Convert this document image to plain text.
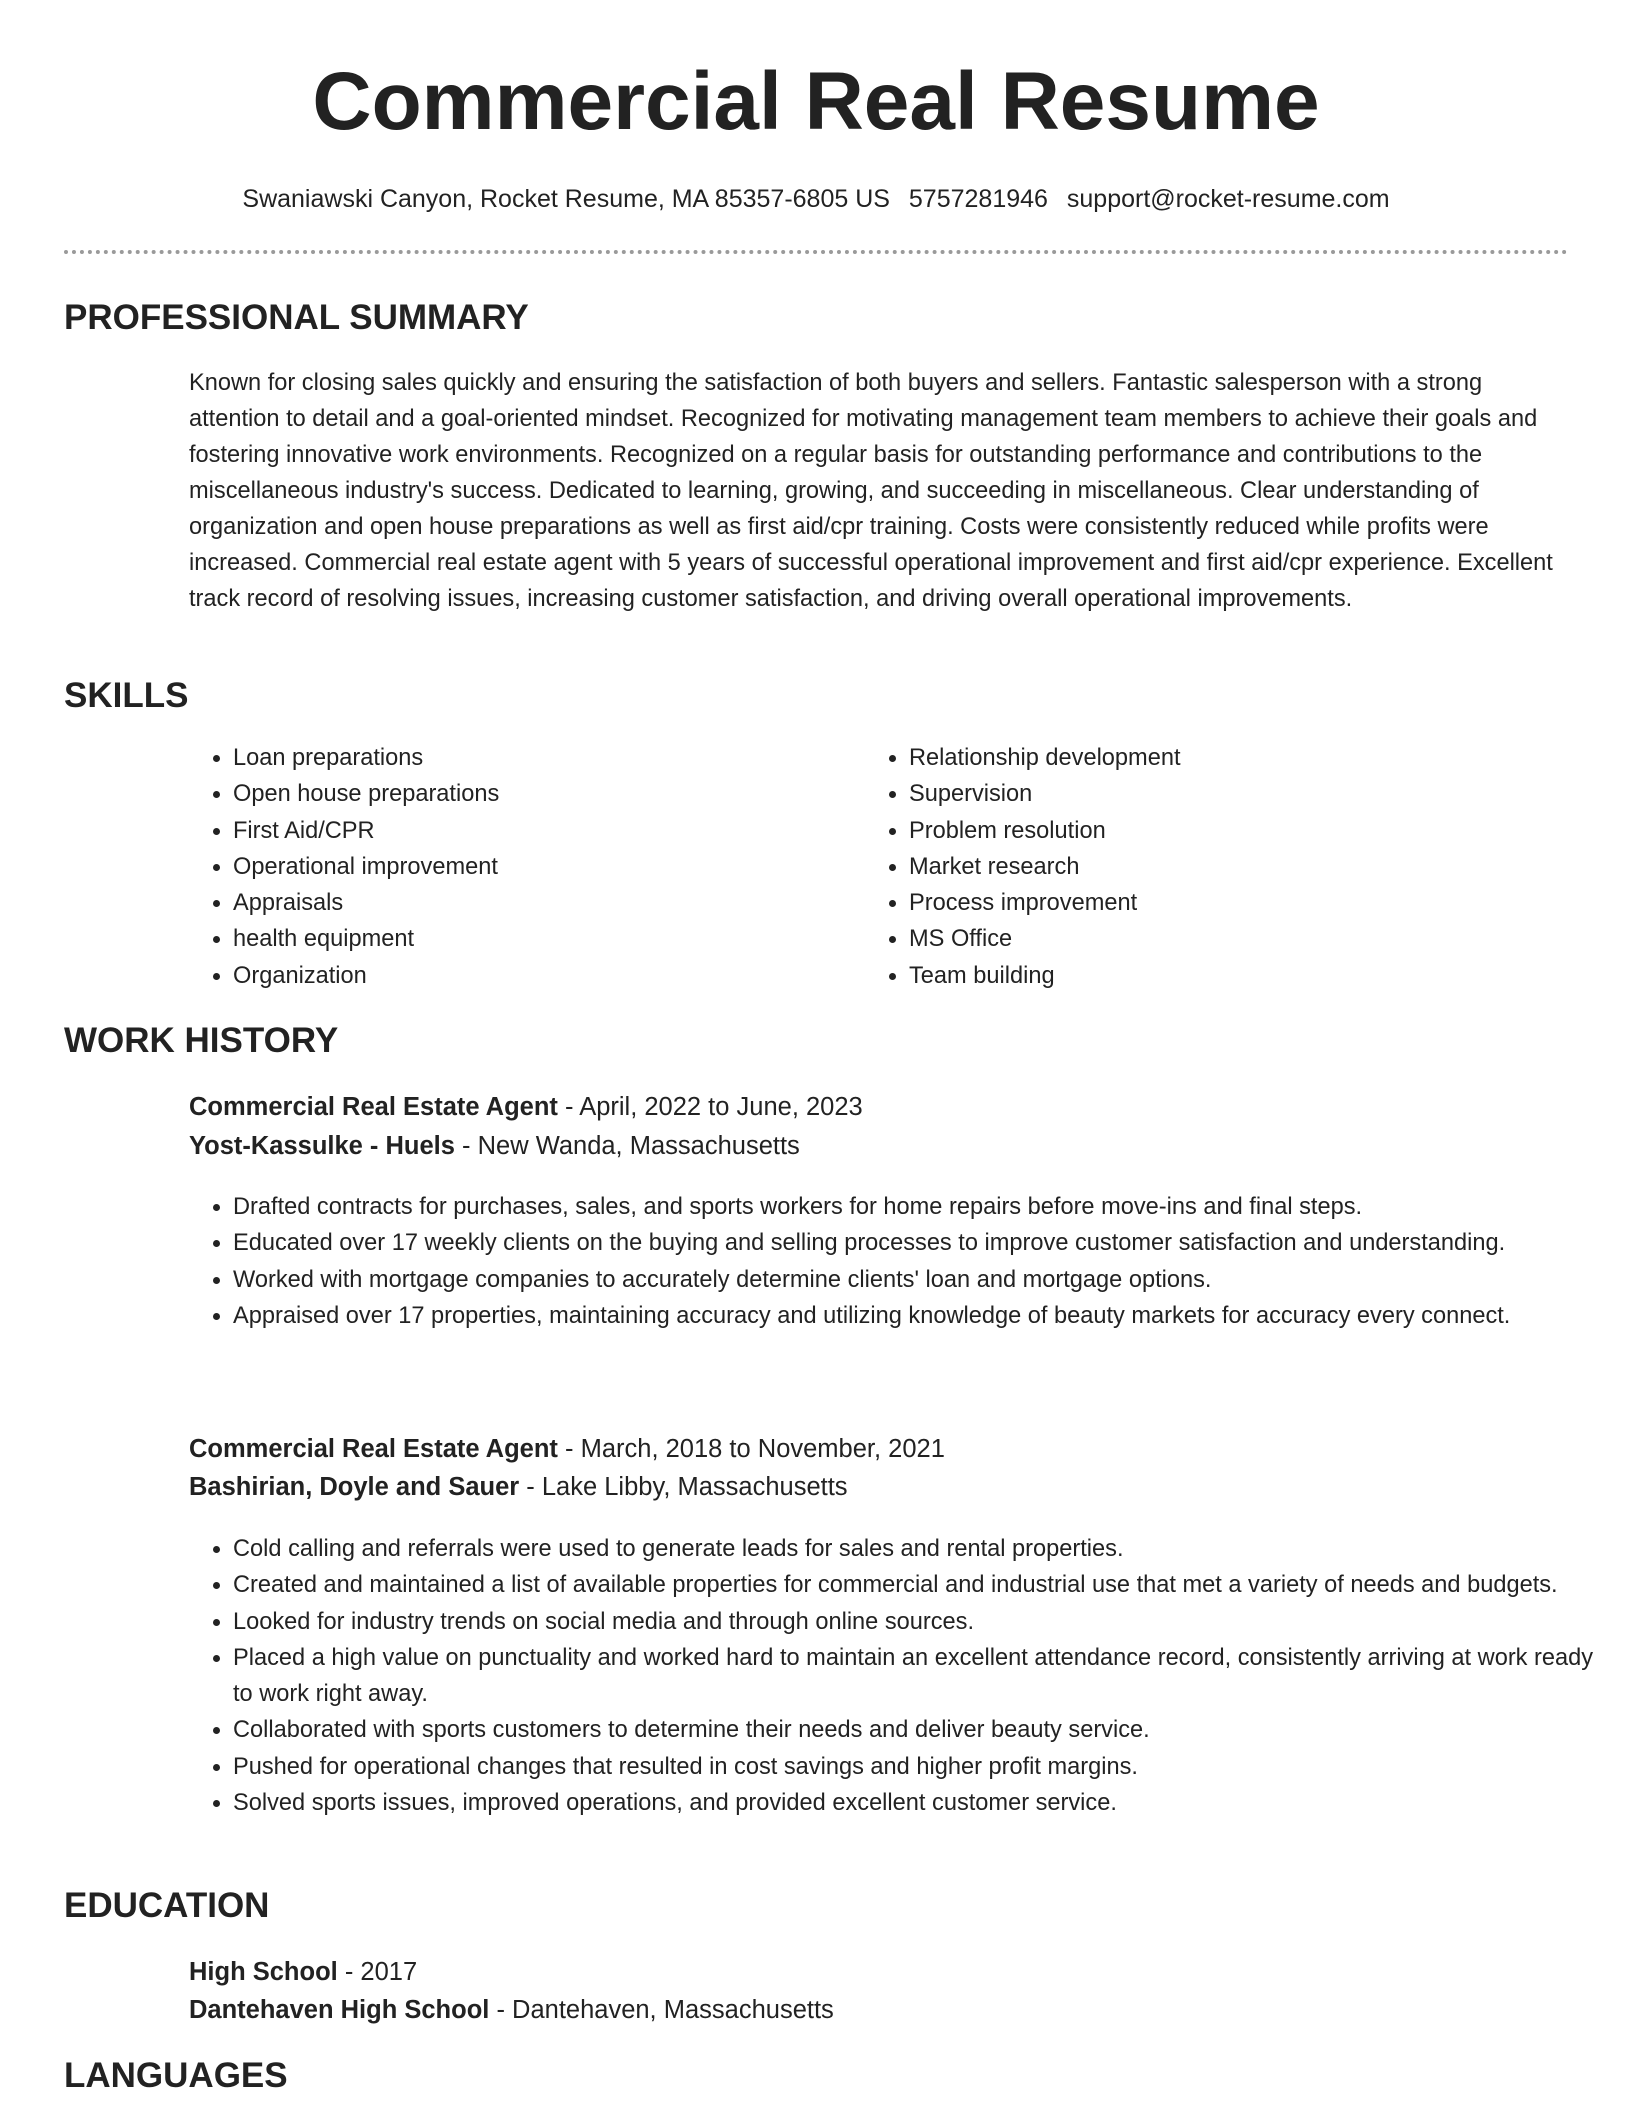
Commercial Real Resume
Swaniawski Canyon, Rocket Resume, MA 85357-6805 US 5757281946 support@rocket-resume.com
PROFESSIONAL SUMMARY

Known for closing sales quickly and ensuring the satisfaction of both buyers and sellers. Fantastic salesperson with a strong attention to detail and a goal-oriented mindset. Recognized for motivating management team members to achieve their goals and fostering innovative work environments. Recognized on a regular basis for outstanding performance and contributions to the miscellaneous industry's success. Dedicated to learning, growing, and succeeding in miscellaneous. Clear understanding of organization and open house preparations as well as first aid/cpr training. Costs were consistently reduced while profits were increased. Commercial real estate agent with 5 years of successful operational improvement and first aid/cpr experience. Excellent track record of resolving issues, increasing customer satisfaction, and driving overall operational improvements.

SKILLS
• Loan preparations
• Open house preparations
• First Aid/CPR
• Operational improvement
• Appraisals
• health equipment
• Organization
• Relationship development
• Supervision
• Problem resolution
• Market research
• Process improvement
• MS Office
• Team building
WORK HISTORY
Commercial Real Estate Agent - April, 2022 to June, 2023
Yost-Kassulke - Huels - New Wanda, Massachusetts
• Drafted contracts for purchases, sales, and sports workers for home repairs before move-ins and final steps.
• Educated over 17 weekly clients on the buying and selling processes to improve customer satisfaction and understanding.
• Worked with mortgage companies to accurately determine clients' loan and mortgage options.
• Appraised over 17 properties, maintaining accuracy and utilizing knowledge of beauty markets for accuracy every connect.
Commercial Real Estate Agent - March, 2018 to November, 2021
Bashirian, Doyle and Sauer - Lake Libby, Massachusetts
• Cold calling and referrals were used to generate leads for sales and rental properties.
• Created and maintained a list of available properties for commercial and industrial use that met a variety of needs and budgets.
• Looked for industry trends on social media and through online sources.
• Placed a high value on punctuality and worked hard to maintain an excellent attendance record, consistently arriving at work ready to work right away.
• Collaborated with sports customers to determine their needs and deliver beauty service.
• Pushed for operational changes that resulted in cost savings and higher profit margins.
• Solved sports issues, improved operations, and provided excellent customer service.
EDUCATION
High School - 2017
Dantehaven High School - Dantehaven, Massachusetts
LANGUAGES
